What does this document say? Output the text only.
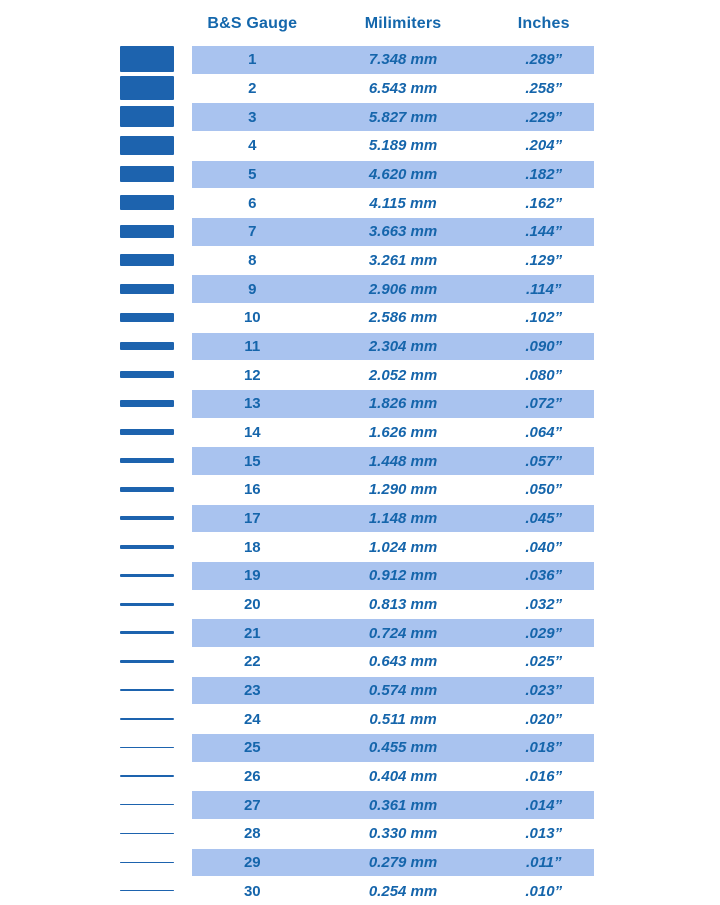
B&S Gauge	Milimiters	Inches
1	7.348 mm	.289”
2	6.543 mm	.258”
3	5.827 mm	.229”
4	5.189 mm	.204”
5	4.620 mm	.182”
6	4.115 mm	.162”
7	3.663 mm	.144”
8	3.261 mm	.129”
9	2.906 mm	.114”
10	2.586 mm	.102”
11	2.304 mm	.090”
12	2.052 mm	.080”
13	1.826 mm	.072”
14	1.626 mm	.064”
15	1.448 mm	.057”
16	1.290 mm	.050”
17	1.148 mm	.045”
18	1.024 mm	.040”
19	0.912 mm	.036”
20	0.813 mm	.032”
21	0.724 mm	.029”
22	0.643 mm	.025”
23	0.574 mm	.023”
24	0.511 mm	.020”
25	0.455 mm	.018”
26	0.404 mm	.016”
27	0.361 mm	.014”
28	0.330 mm	.013”
29	0.279 mm	.011”
30	0.254 mm	.010”
